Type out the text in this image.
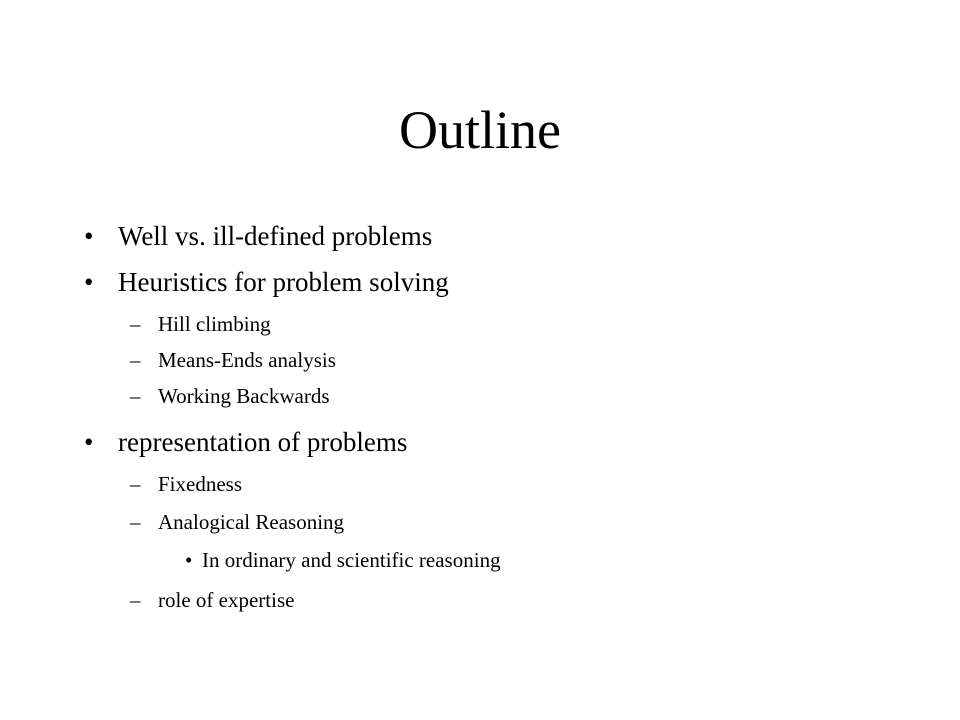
Outline
• Well vs. ill-defined problems
• Heuristics for problem solving
– Hill climbing
– Means-Ends analysis
– Working Backwards
• representation of problems
– Fixedness
– Analogical Reasoning
• In ordinary and scientific reasoning
– role of expertise
